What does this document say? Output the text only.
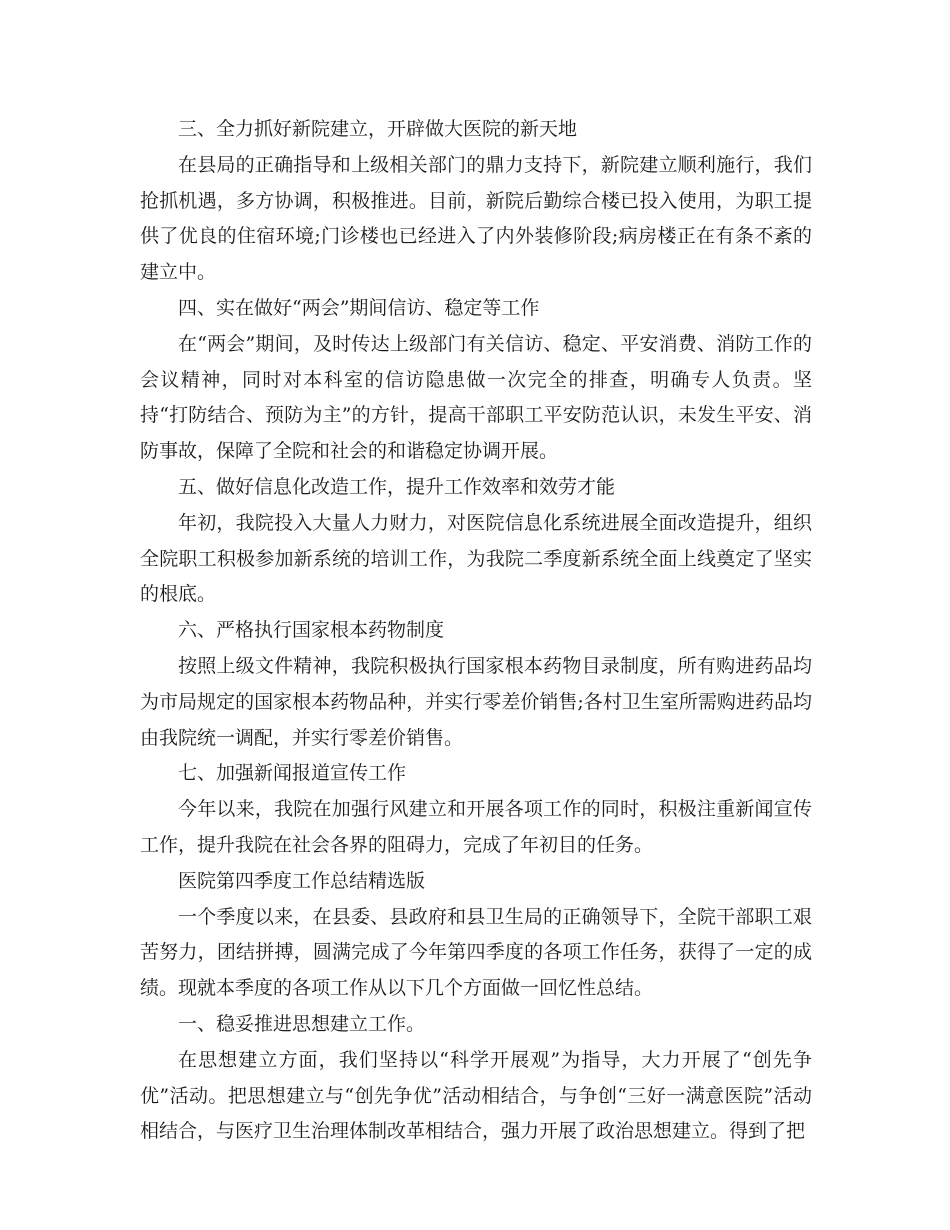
三、全力抓好新院建立，开辟做大医院的新天地

在县局的正确指导和上级相关部门的鼎力支持下，新院建立顺利施行，我们抢抓机遇，多方协调，积极推进。目前，新院后勤综合楼已投入使用，为职工提供了优良的住宿环境;门诊楼也已经进入了内外装修阶段;病房楼正在有条不紊的建立中。

四、实在做好“两会”期间信访、稳定等工作

在“两会”期间，及时传达上级部门有关信访、稳定、平安消费、消防工作的会议精神，同时对本科室的信访隐患做一次完全的排查，明确专人负责。坚持“打防结合、预防为主”的方针，提高干部职工平安防范认识，未发生平安、消防事故，保障了全院和社会的和谐稳定协调开展。

五、做好信息化改造工作，提升工作效率和效劳才能

年初，我院投入大量人力财力，对医院信息化系统进展全面改造提升，组织全院职工积极参加新系统的培训工作，为我院二季度新系统全面上线奠定了坚实的根底。

六、严格执行国家根本药物制度

按照上级文件精神，我院积极执行国家根本药物目录制度，所有购进药品均为市局规定的国家根本药物品种，并实行零差价销售;各村卫生室所需购进药品均由我院统一调配，并实行零差价销售。

七、加强新闻报道宣传工作

今年以来，我院在加强行风建立和开展各项工作的同时，积极注重新闻宣传工作，提升我院在社会各界的阻碍力，完成了年初目的任务。

医院第四季度工作总结精选版

一个季度以来，在县委、县政府和县卫生局的正确领导下，全院干部职工艰苦努力，团结拼搏，圆满完成了今年第四季度的各项工作任务，获得了一定的成绩。现就本季度的各项工作从以下几个方面做一回忆性总结。

一、稳妥推进思想建立工作。

在思想建立方面，我们坚持以“科学开展观”为指导，大力开展了“创先争优”活动。把思想建立与“创先争优”活动相结合，与争创“三好一满意医院”活动相结合，与医疗卫生治理体制改革相结合，强力开展了政治思想建立。得到了把
